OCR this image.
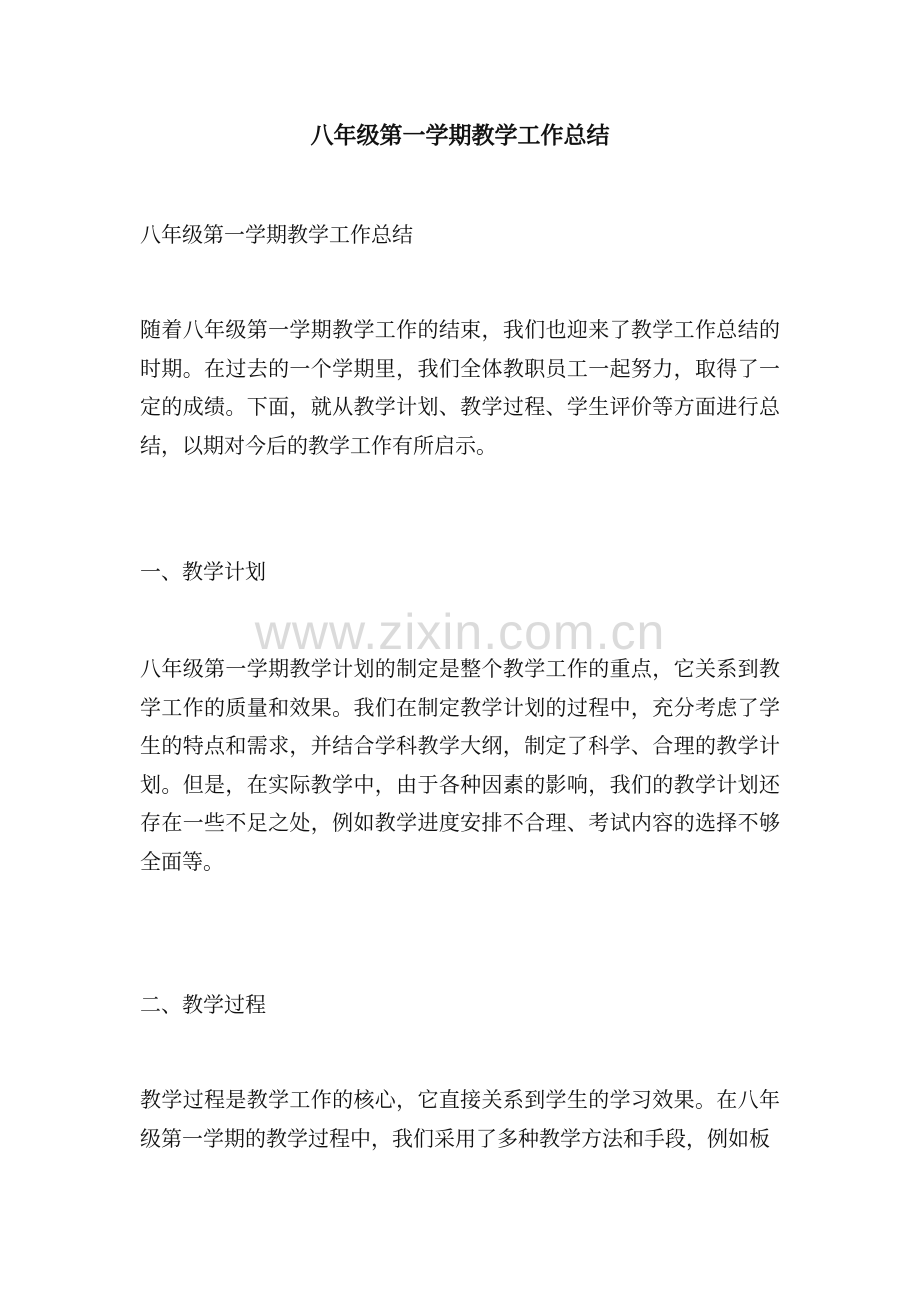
八年级第一学期教学工作总结

八年级第一学期教学工作总结

随着八年级第一学期教学工作的结束，我们也迎来了教学工作总结的时期。在过去的一个学期里，我们全体教职员工一起努力，取得了一定的成绩。下面，就从教学计划、教学过程、学生评价等方面进行总结，以期对今后的教学工作有所启示。

一、教学计划

八年级第一学期教学计划的制定是整个教学工作的重点，它关系到教学工作的质量和效果。我们在制定教学计划的过程中，充分考虑了学生的特点和需求，并结合学科教学大纲，制定了科学、合理的教学计划。但是，在实际教学中，由于各种因素的影响，我们的教学计划还存在一些不足之处，例如教学进度安排不合理、考试内容的选择不够全面等。

二、教学过程

教学过程是教学工作的核心，它直接关系到学生的学习效果。在八年级第一学期的教学过程中，我们采用了多种教学方法和手段，例如板

www.zixin.com.cn
